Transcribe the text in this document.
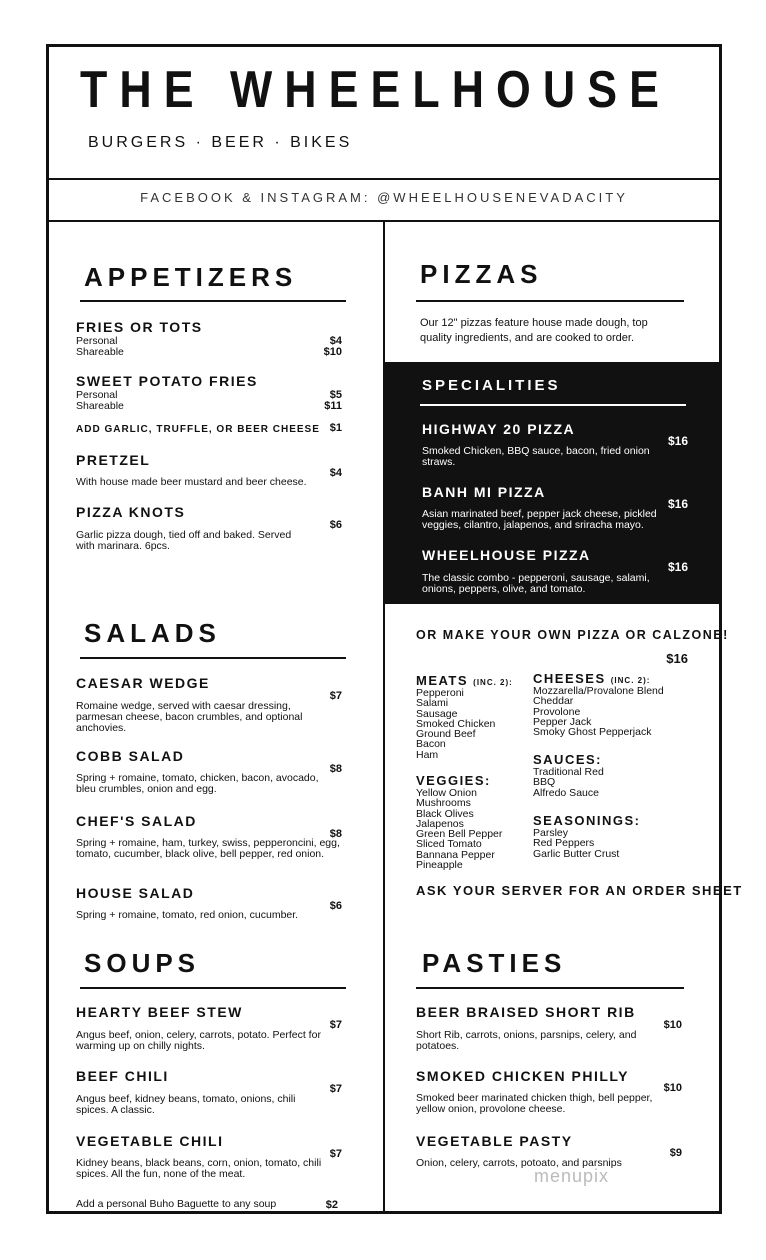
THE WHEELHOUSE
BURGERS · BEER · BIKES
FACEBOOK & INSTAGRAM: @WHEELHOUSENEVADACITY
APPETIZERS
FRIES OR TOTS
Personal
Shareable
$4
$10
SWEET POTATO FRIES
Personal
Shareable
$5
$11
ADD GARLIC, TRUFFLE, OR BEER CHEESE $1
PRETZEL
With house made beer mustard and beer cheese.
$4
PIZZA KNOTS
Garlic pizza dough, tied off and baked. Served with marinara. 6pcs.
$6
SALADS
CAESAR WEDGE
Romaine wedge, served with caesar dressing, parmesan cheese, bacon crumbles, and optional anchovies.
$7
COBB SALAD
Spring + romaine, tomato, chicken, bacon, avocado, bleu crumbles, onion and egg.
$8
CHEF'S SALAD
Spring + romaine, ham, turkey, swiss, pepperoncini, egg, tomato, cucumber, black olive, bell pepper, red onion.
$8
HOUSE SALAD
Spring + romaine, tomato, red onion, cucumber.
$6
SOUPS
HEARTY BEEF STEW
Angus beef, onion, celery, carrots, potato. Perfect for warming up on chilly nights.
$7
BEEF CHILI
Angus beef, kidney beans, tomato, onions, chili spices. A classic.
$7
VEGETABLE CHILI
Kidney beans, black beans, corn, onion, tomato, chili spices. All the fun, none of the meat.
$7
Add a personal Buho Baguette to any soup	$2
PIZZAS
Our 12" pizzas feature house made dough, top quality ingredients, and are cooked to order.
SPECIALITIES
HIGHWAY 20 PIZZA
Smoked Chicken, BBQ sauce, bacon, fried onion straws.
$16
BANH MI PIZZA
Asian marinated beef, pepper jack cheese, pickled veggies, cilantro, jalapenos, and sriracha mayo.
$16
WHEELHOUSE PIZZA
The classic combo - pepperoni, sausage, salami, onions, peppers, olive, and tomato.
$16
OR MAKE YOUR OWN PIZZA OR CALZONE!
$16
MEATS (INC. 2):
Pepperoni
Salami
Sausage
Smoked Chicken
Ground Beef
Bacon
Ham
CHEESES (INC. 2):
Mozzarella/Provalone Blend
Cheddar
Provolone
Pepper Jack
Smoky Ghost Pepperjack
VEGGIES:
Yellow Onion
Mushrooms
Black Olives
Jalapenos
Green Bell Pepper
Sliced Tomato
Bannana Pepper
Pineapple
SAUCES:
Traditional Red
BBQ
Alfredo Sauce
SEASONINGS:
Parsley
Red Peppers
Garlic Butter Crust
ASK YOUR SERVER FOR AN ORDER SHEET
PASTIES
BEER BRAISED SHORT RIB
Short Rib, carrots, onions, parsnips, celery, and potatoes.
$10
SMOKED CHICKEN PHILLY
Smoked beer marinated chicken thigh, bell pepper, yellow onion, provolone cheese.
$10
VEGETABLE PASTY
Onion, celery, carrots, potoato, and parsnips
$9
menupix
